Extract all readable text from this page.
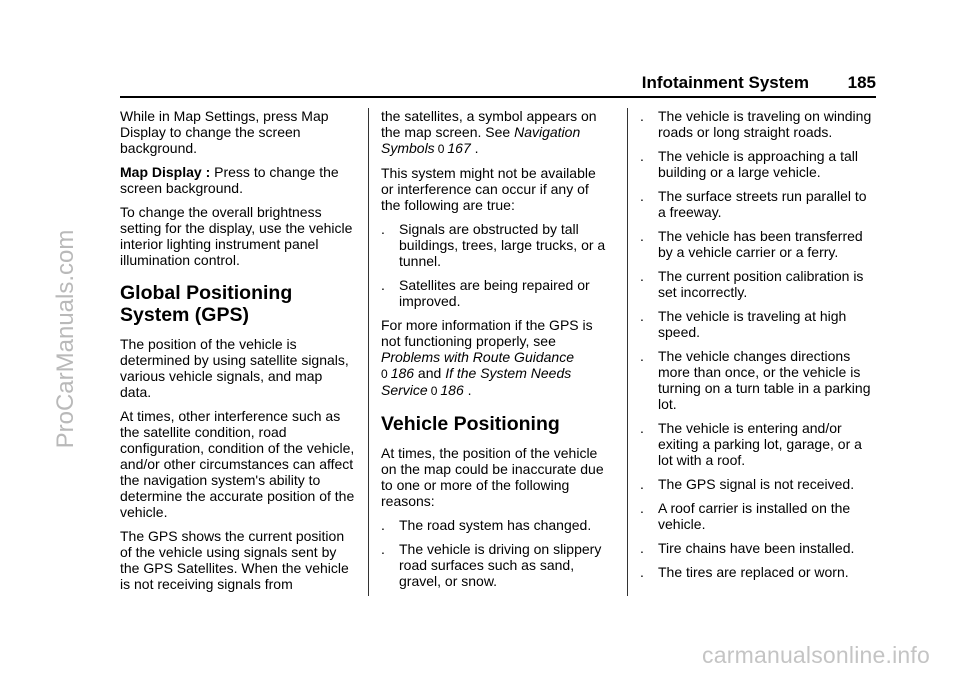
ProCarManuals.com
carmanualsonline.info
Infotainment System 185

While in Map Settings, press Map Display to change the screen background.

Map Display : Press to change the screen background.

To change the overall brightness setting for the display, use the vehicle interior lighting instrument panel illumination control.

Global Positioning System (GPS)

The position of the vehicle is determined by using satellite signals, various vehicle signals, and map data.

At times, other interference such as the satellite condition, road configuration, condition of the vehicle, and/or other circumstances can affect the navigation system's ability to determine the accurate position of the vehicle.

The GPS shows the current position of the vehicle using signals sent by the GPS Satellites. When the vehicle is not receiving signals from

the satellites, a symbol appears on the map screen. See Navigation Symbols 0 167 .

This system might not be available or interference can occur if any of the following are true:

.	Signals are obstructed by tall buildings, trees, large trucks, or a tunnel.
.	Satellites are being repaired or improved.

For more information if the GPS is not functioning properly, see Problems with Route Guidance
0 186 and If the System Needs Service 0 186 .

Vehicle Positioning

At times, the position of the vehicle on the map could be inaccurate due to one or more of the following reasons:

.	The road system has changed.
.	The vehicle is driving on slippery road surfaces such as sand, gravel, or snow.
.	The vehicle is traveling on winding roads or long straight roads.
.	The vehicle is approaching a tall building or a large vehicle.
.	The surface streets run parallel to a freeway.
.	The vehicle has been transferred by a vehicle carrier or a ferry.
.	The current position calibration is set incorrectly.
.	The vehicle is traveling at high speed.
.	The vehicle changes directions more than once, or the vehicle is turning on a turn table in a parking lot.
.	The vehicle is entering and/or exiting a parking lot, garage, or a lot with a roof.
.	The GPS signal is not received.
.	A roof carrier is installed on the vehicle.
.	Tire chains have been installed.
.	The tires are replaced or worn.
